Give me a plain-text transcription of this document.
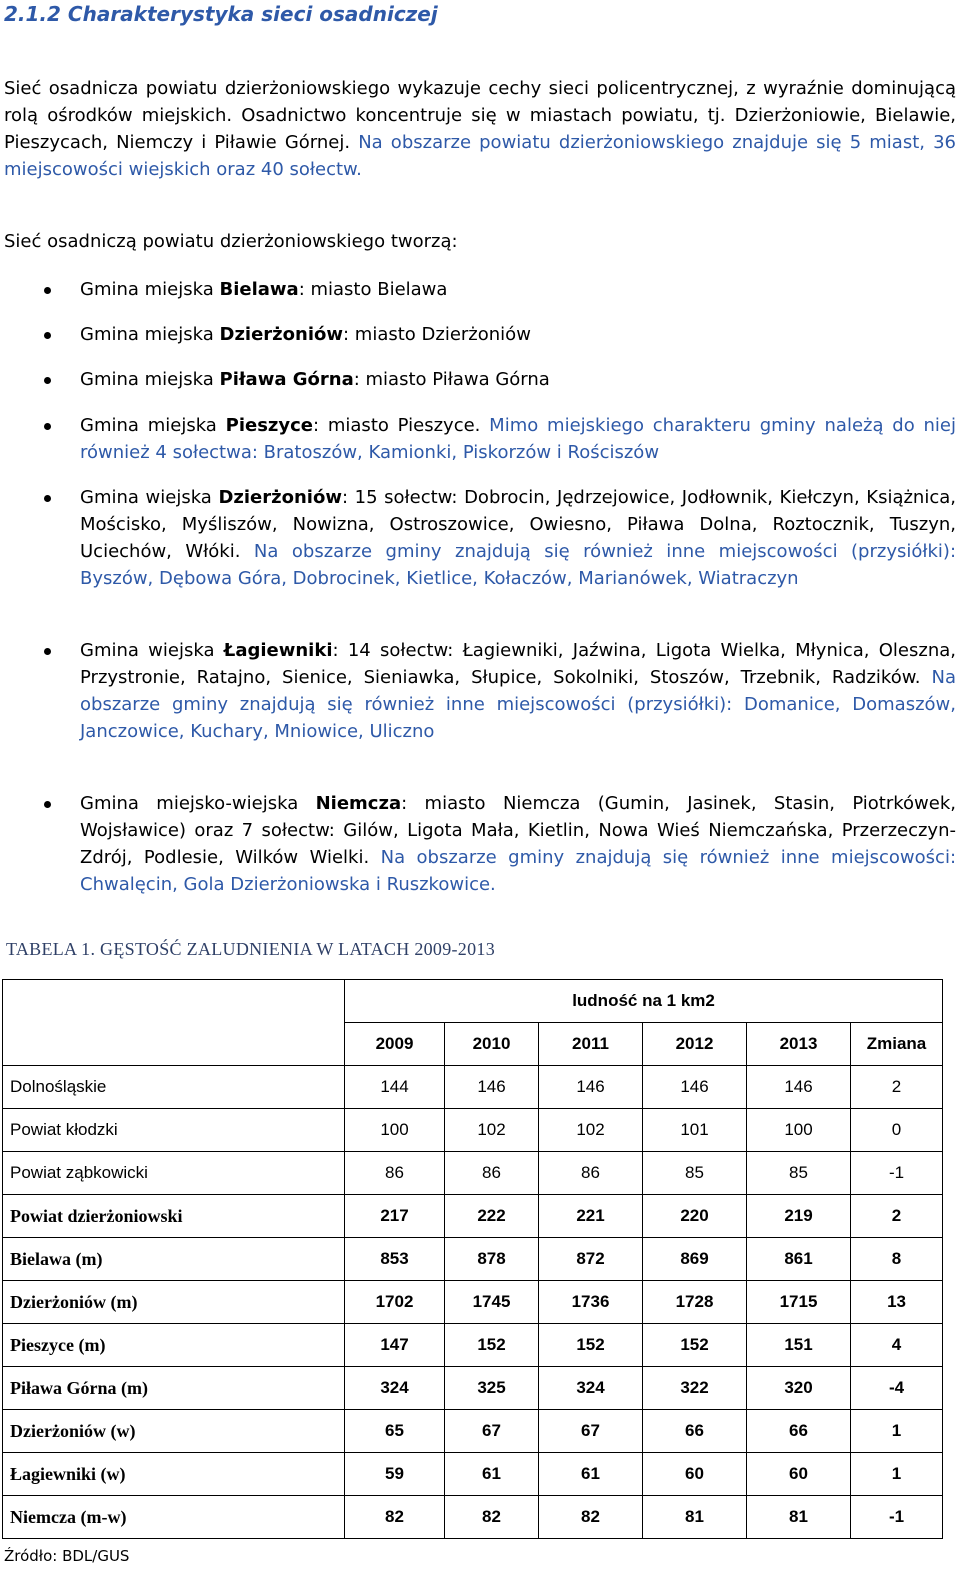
2.1.2 Charakterystyka sieci osadniczej

Sieć osadnicza powiatu dzierżoniowskiego wykazuje cechy sieci policentrycznej, z wyraźnie dominującą rolą ośrodków miejskich. Osadnictwo koncentruje się w miastach powiatu, tj. Dzierżoniowie, Bielawie, Pieszycach, Niemczy i Piławie Górnej. Na obszarze powiatu dzierżoniowskiego znajduje się 5 miast, 36 miejscowości wiejskich oraz 40 sołectw.

Sieć osadniczą powiatu dzierżoniowskiego tworzą:

Gmina miejska Bielawa: miasto Bielawa

Gmina miejska Dzierżoniów: miasto Dzierżoniów

Gmina miejska Piława Górna: miasto Piława Górna

Gmina miejska Pieszyce: miasto Pieszyce. Mimo miejskiego charakteru gminy należą do niej również 4 sołectwa: Bratoszów, Kamionki, Piskorzów i Rościszów

Gmina wiejska Dzierżoniów: 15 sołectw: Dobrocin, Jędrzejowice, Jodłownik, Kiełczyn, Książnica, Mościsko, Myśliszów, Nowizna, Ostroszowice, Owiesno, Piława Dolna, Roztocznik, Tuszyn, Uciechów, Włóki. Na obszarze gminy znajdują się również inne miejscowości (przysiółki): Byszów, Dębowa Góra, Dobrocinek, Kietlice, Kołaczów, Marianówek, Wiatraczyn

Gmina wiejska Łagiewniki: 14 sołectw: Łagiewniki, Jaźwina, Ligota Wielka, Młynica, Oleszna, Przystronie, Ratajno, Sienice, Sieniawka, Słupice, Sokolniki, Stoszów, Trzebnik, Radzików. Na obszarze gminy znajdują się również inne miejscowości (przysiółki): Domanice, Domaszów, Janczowice, Kuchary, Mniowice, Uliczno

Gmina miejsko-wiejska Niemcza: miasto Niemcza (Gumin, Jasinek, Stasin, Piotrkówek, Wojsławice) oraz 7 sołectw: Gilów, Ligota Mała, Kietlin, Nowa Wieś Niemczańska, Przerzeczyn-Zdrój, Podlesie, Wilków Wielki. Na obszarze gminy znajdują się również inne miejscowości: Chwalęcin, Gola Dzierżoniowska i Ruszkowice.

TABELA 1. GĘSTOŚĆ ZALUDNIENIA W LATACH 2009-2013

	ludność na 1 km2					
	2009	2010	2011	2012	2013	Zmiana
Dolnośląskie	144	146	146	146	146	2
Powiat kłodzki	100	102	102	101	100	0
Powiat ząbkowicki	86	86	86	85	85	-1
Powiat dzierżoniowski	217	222	221	220	219	2
Bielawa (m)	853	878	872	869	861	8
Dzierżoniów (m)	1702	1745	1736	1728	1715	13
Pieszyce (m)	147	152	152	152	151	4
Piława Górna (m)	324	325	324	322	320	-4
Dzierżoniów (w)	65	67	67	66	66	1
Łagiewniki (w)	59	61	61	60	60	1
Niemcza (m-w)	82	82	82	81	81	-1

Źródło: BDL/GUS
